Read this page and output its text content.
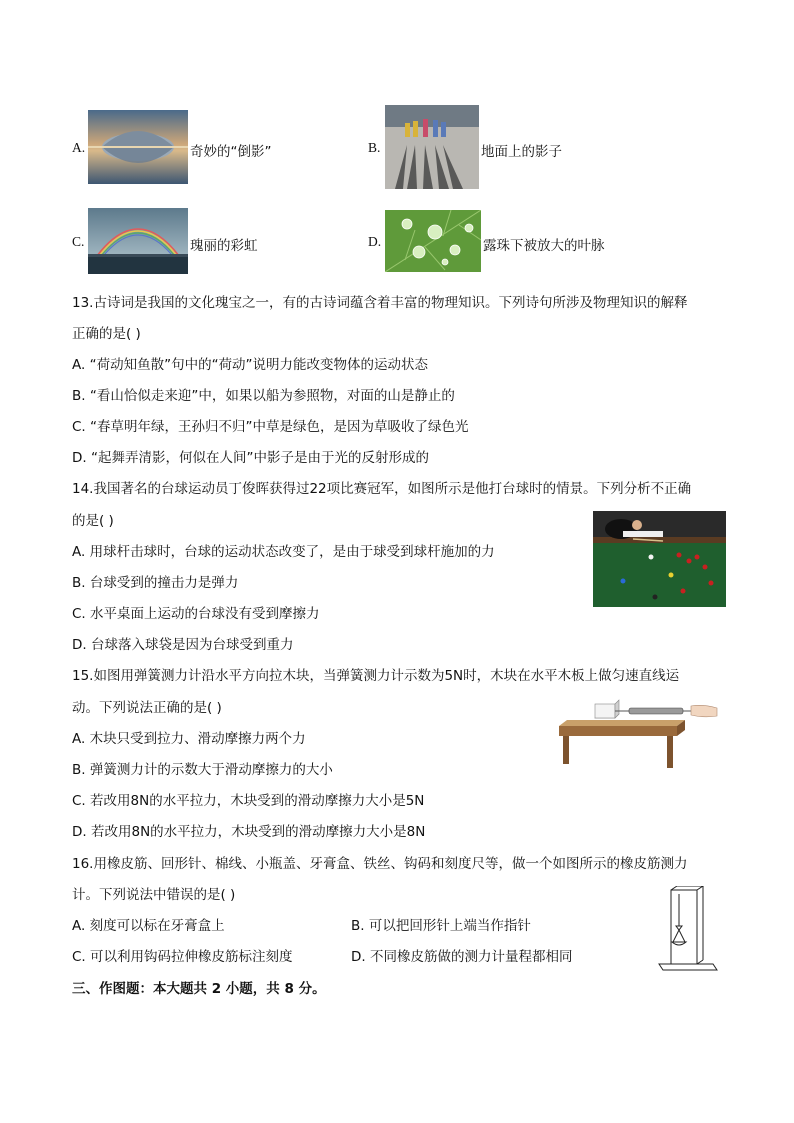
A.	奇妙的“倒影”	B.	地面上的影子
C.	瑰丽的彩虹	D.	露珠下被放大的叶脉
13.古诗词是我国的文化瑰宝之一，有的古诗词蕴含着丰富的物理知识。下列诗句所涉及物理知识的解释
正确的是( )
A. “荷动知鱼散”句中的“荷动”说明力能改变物体的运动状态
B. “看山恰似走来迎”中，如果以船为参照物，对面的山是静止的
C. “春草明年绿，王孙归不归”中草是绿色，是因为草吸收了绿色光
D. “起舞弄清影，何似在人间”中影子是由于光的反射形成的
14.我国著名的台球运动员丁俊晖获得过22项比赛冠军，如图所示是他打台球时的情景。下列分析不正确
的是( )
A. 用球杆击球时，台球的运动状态改变了，是由于球受到球杆施加的力
B. 台球受到的撞击力是弹力
C. 水平桌面上运动的台球没有受到摩擦力
D. 台球落入球袋是因为台球受到重力
15.如图用弹簧测力计沿水平方向拉木块，当弹簧测力计示数为5N时，木块在水平木板上做匀速直线运
动。下列说法正确的是( )
A. 木块只受到拉力、滑动摩擦力两个力
B. 弹簧测力计的示数大于滑动摩擦力的大小
C. 若改用8N的水平拉力，木块受到的滑动摩擦力大小是5N
D. 若改用8N的水平拉力，木块受到的滑动摩擦力大小是8N
16.用橡皮筋、回形针、棉线、小瓶盖、牙膏盒、铁丝、钩码和刻度尺等，做一个如图所示的橡皮筋测力
计。下列说法中错误的是( )
A. 刻度可以标在牙膏盒上	B. 可以把回形针上端当作指针
C. 可以利用钩码拉伸橡皮筋标注刻度	D. 不同橡皮筋做的测力计量程都相同
三、作图题：本大题共 2 小题，共 8 分。
